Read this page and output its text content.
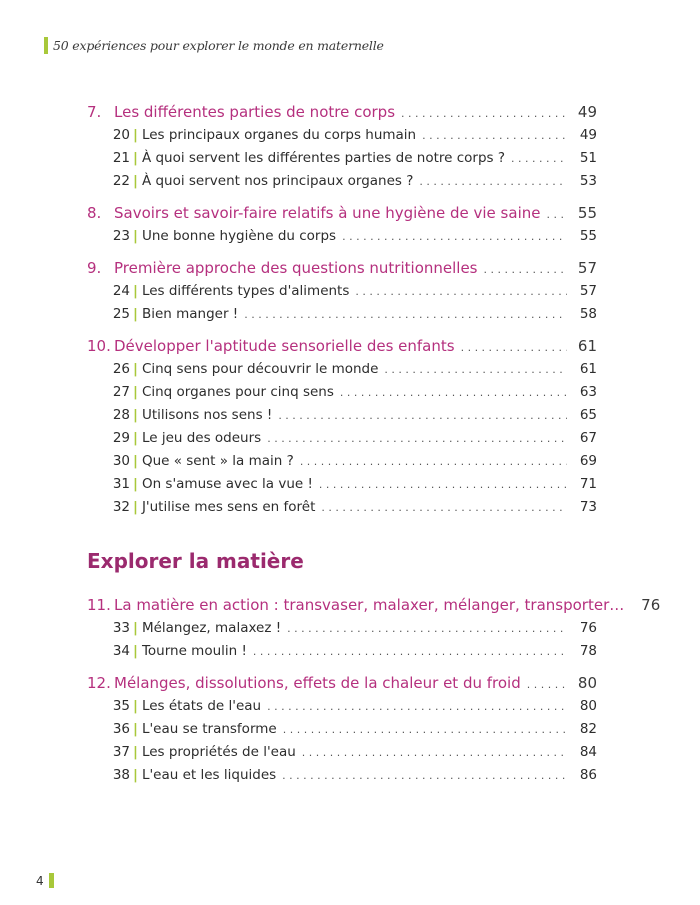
50 expériences pour explorer le monde en maternelle
7. Les différentes parties de notre corps . . .	49
20 | Les principaux organes du corps humain . . .	49
21 | À quoi servent les différentes parties de notre corps ? . . .	51
22 | À quoi servent nos principaux organes ? . . .	53
8. Savoirs et savoir-faire relatifs à une hygiène de vie saine . . .	55
23 | Une bonne hygiène du corps . . .	55
9. Première approche des questions nutritionnelles . . .	57
24 | Les différents types d'aliments . . .	57
25 | Bien manger ! . . .	58
10. Développer l'aptitude sensorielle des enfants . . .	61
26 | Cinq sens pour découvrir le monde . . .	61
27 | Cinq organes pour cinq sens . . .	63
28 | Utilisons nos sens ! . . .	65
29 | Le jeu des odeurs . . .	67
30 | Que « sent » la main ? . . .	69
31 | On s'amuse avec la vue ! . . .	71
32 | J'utilise mes sens en forêt . . .	73
Explorer la matière
11. La matière en action : transvaser, malaxer, mélanger, transporter…	76
33 | Mélangez, malaxez ! . . .	76
34 | Tourne moulin ! . . .	78
12. Mélanges, dissolutions, effets de la chaleur et du froid . . .	80
35 | Les états de l'eau . . .	80
36 | L'eau se transforme . . .	82
37 | Les propriétés de l'eau . . .	84
38 | L'eau et les liquides . . .	86
4
